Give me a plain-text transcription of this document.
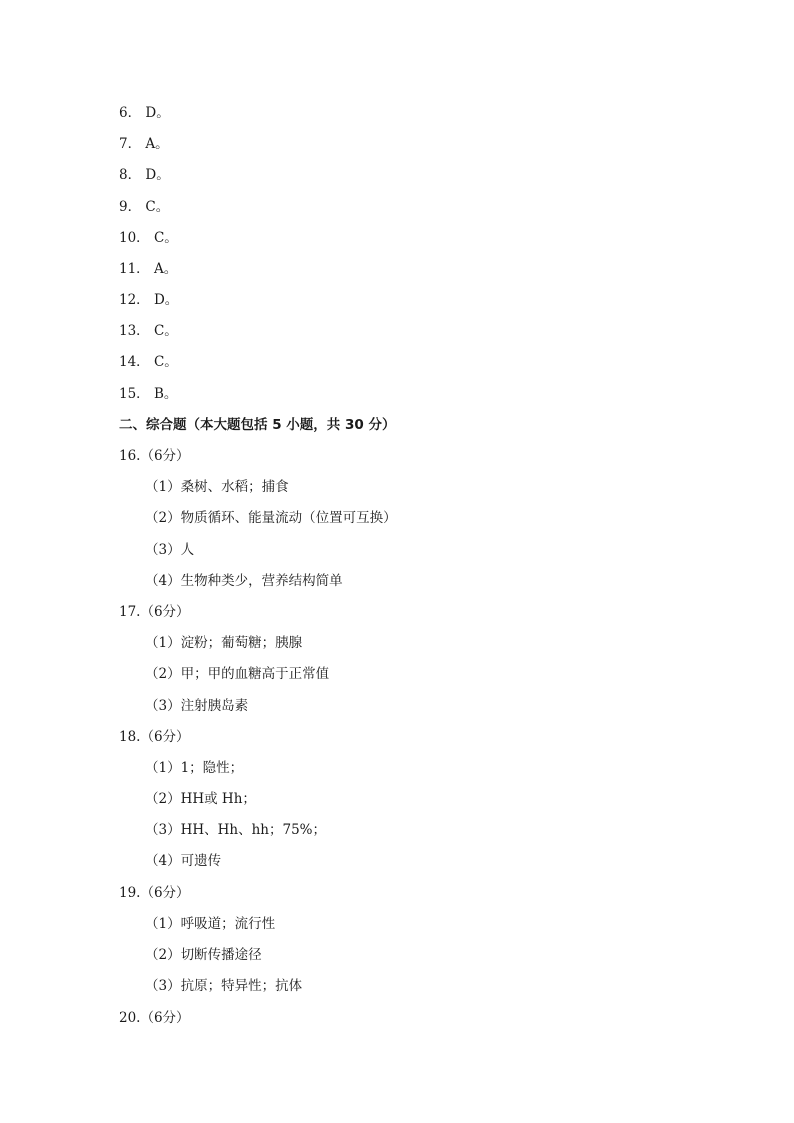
6． D。
7． A。
8． D。
9． C。
10． C。
11． A。
12． D。
13． C。
14． C。
15． B。
二、综合题（本大题包括 5 小题，共 30 分）
16.（6分）
（1）桑树、水稻；捕食
（2）物质循环、能量流动（位置可互换）
（3）人
（4）生物种类少，营养结构简单
17.（6分）
（1）淀粉；葡萄糖；胰腺
（2）甲；甲的血糖高于正常值
（3）注射胰岛素
18.（6分）
（1）1；隐性；
（2）HH或 Hh；
（3）HH、Hh、hh；75%；
（4）可遗传
19.（6分）
（1）呼吸道；流行性
（2）切断传播途径
（3）抗原；特异性；抗体
20.（6分）
